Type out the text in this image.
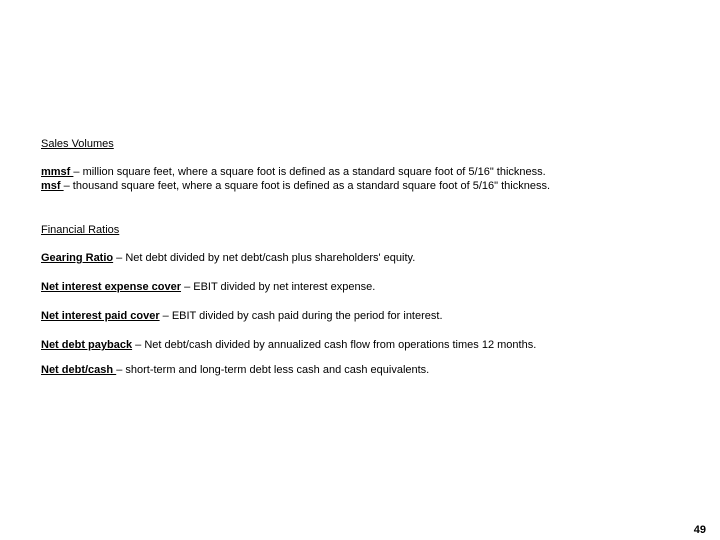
Sales Volumes
mmsf – million square feet, where a square foot is defined as a standard square foot of 5/16" thickness.
msf – thousand square feet, where a square foot is defined as a standard square foot of 5/16" thickness.
Financial Ratios
Gearing Ratio – Net debt divided by net debt/cash plus shareholders' equity.
Net interest expense cover – EBIT divided by net interest expense.
Net interest paid cover – EBIT divided by cash paid during the period for interest.
Net debt payback – Net debt/cash divided by annualized cash flow from operations times 12 months.
Net debt/cash – short-term and long-term debt less cash and cash equivalents.
49
